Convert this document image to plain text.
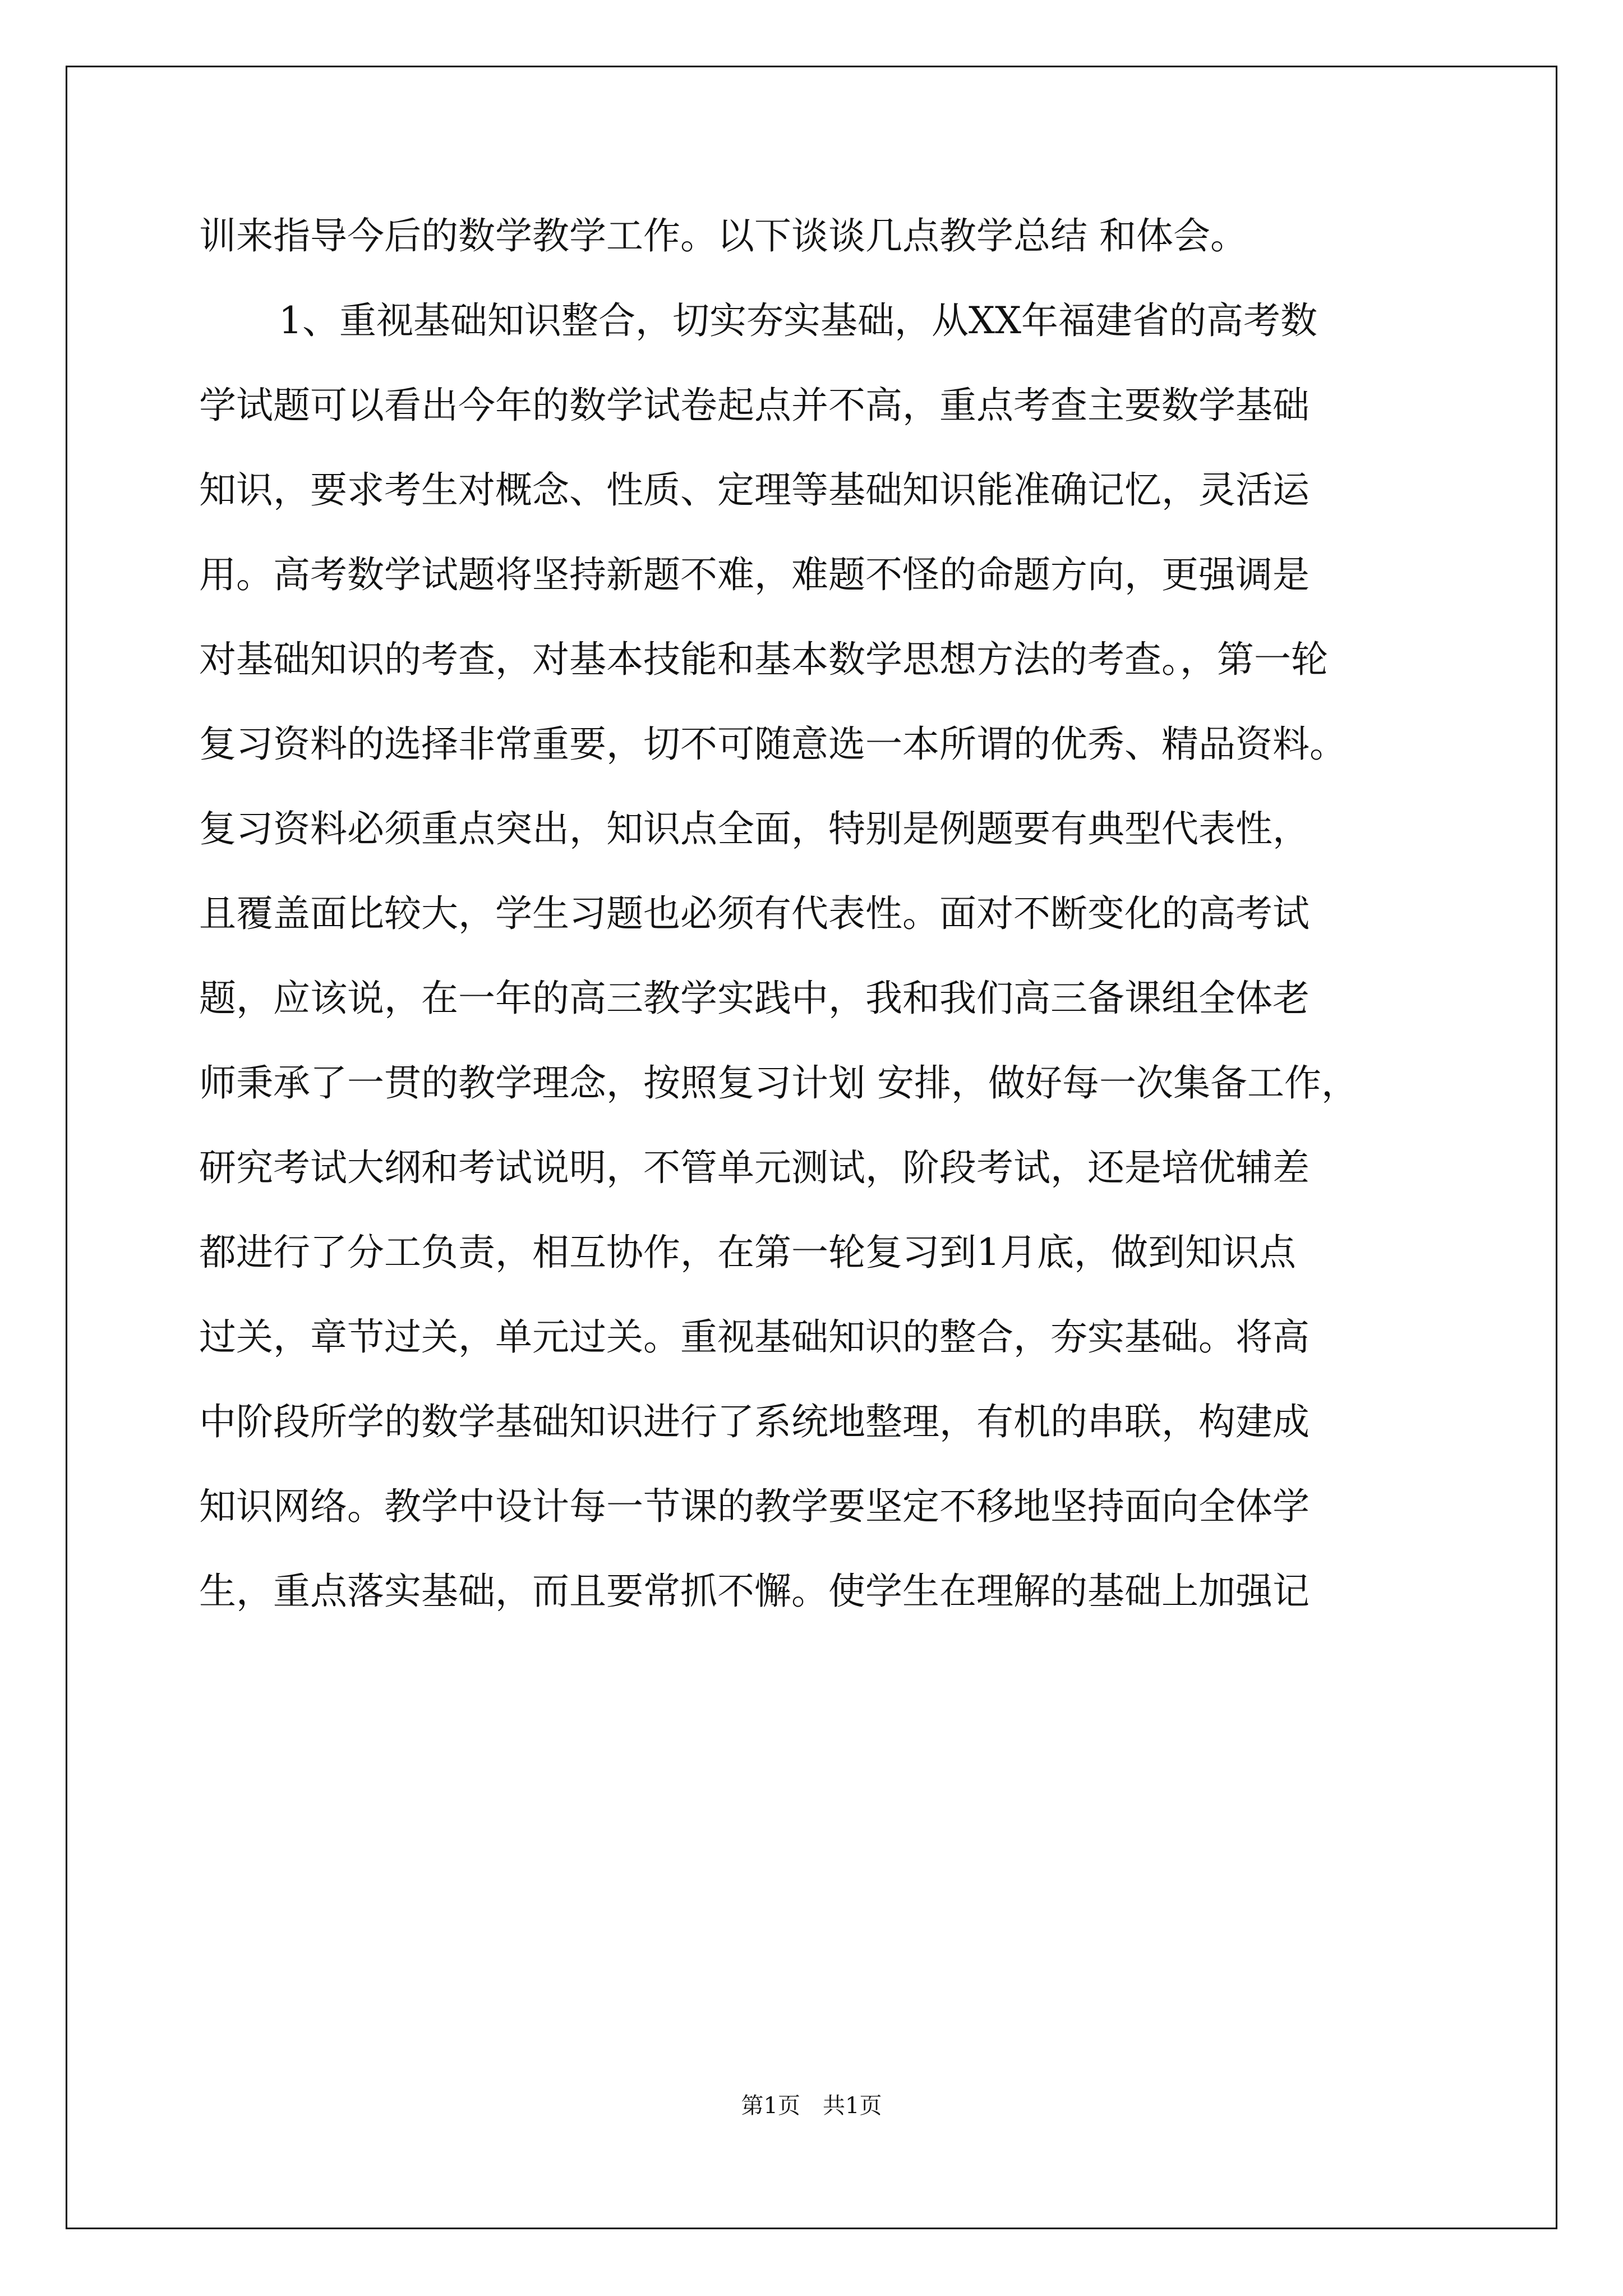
训来指导今后的数学教学工作。以下谈谈几点教学总结 和体会。

1、重视基础知识整合，切实夯实基础，从XX年福建省的高考数

学试题可以看出今年的数学试卷起点并不高，重点考查主要数学基础

知识，要求考生对概念、性质、定理等基础知识能准确记忆，灵活运

用。高考数学试题将坚持新题不难，难题不怪的命题方向，更强调是

对基础知识的考查，对基本技能和基本数学思想方法的考查。，第一轮

复习资料的选择非常重要，切不可随意选一本所谓的优秀、精品资料。

复习资料必须重点突出，知识点全面，特别是例题要有典型代表性，

且覆盖面比较大，学生习题也必须有代表性。面对不断变化的高考试

题，应该说，在一年的高三教学实践中，我和我们高三备课组全体老

师秉承了一贯的教学理念，按照复习计划 安排，做好每一次集备工作，

研究考试大纲和考试说明，不管单元测试，阶段考试，还是培优辅差

都进行了分工负责，相互协作，在第一轮复习到1月底，做到知识点

过关，章节过关，单元过关。重视基础知识的整合，夯实基础。将高

中阶段所学的数学基础知识进行了系统地整理，有机的串联，构建成

知识网络。教学中设计每一节课的教学要坚定不移地坚持面向全体学

生，重点落实基础，而且要常抓不懈。使学生在理解的基础上加强记

第1页 共1页
